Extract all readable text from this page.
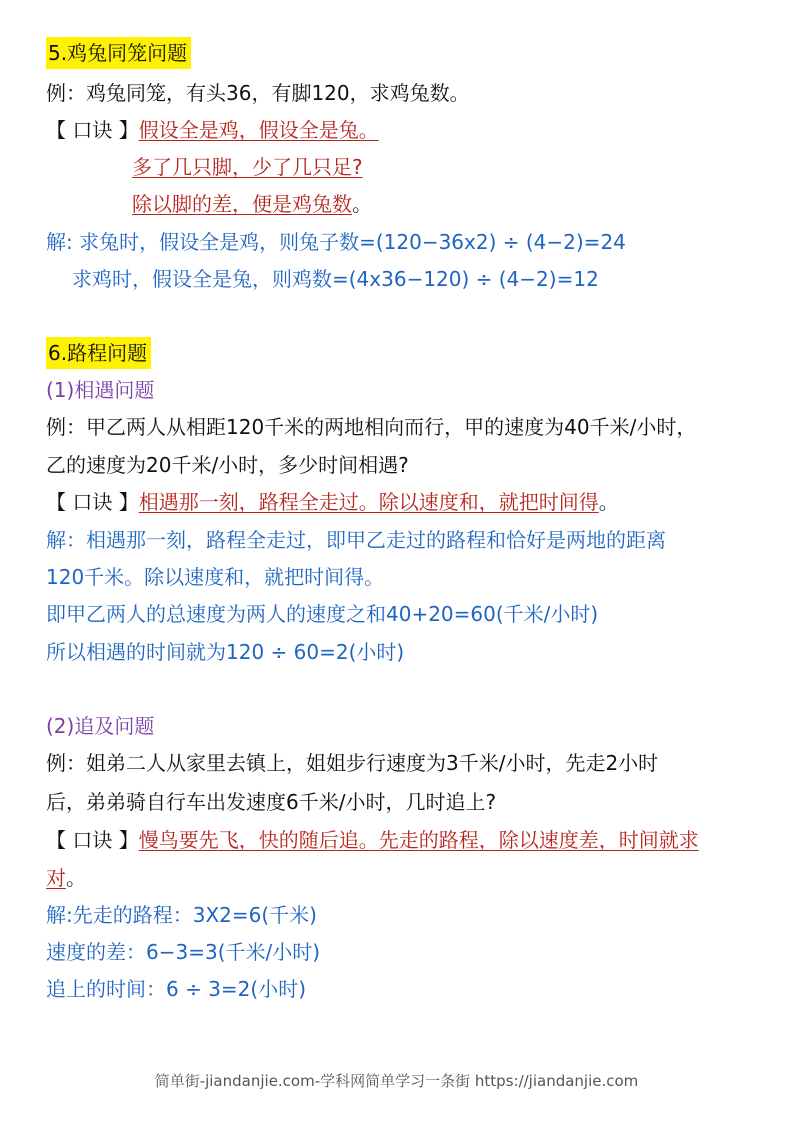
5.鸡兔同笼问题
例：鸡兔同笼，有头36，有脚120，求鸡兔数。
【 口诀 】假设全是鸡，假设全是兔。
多了几只脚，少了几只足?
除以脚的差，便是鸡兔数。
解: 求兔时，假设全是鸡，则兔子数=(120−36x2) ÷ (4−2)=24
求鸡时，假设全是兔，则鸡数=(4x36−120) ÷ (4−2)=12
6.路程问题
(1)相遇问题
例：甲乙两人从相距120千米的两地相向而行，甲的速度为40千米/小时，
乙的速度为20千米/小时，多少时间相遇?
【 口诀 】相遇那一刻，路程全走过。除以速度和，就把时间得。
解：相遇那一刻，路程全走过，即甲乙走过的路程和恰好是两地的距离
120千米。除以速度和，就把时间得。
即甲乙两人的总速度为两人的速度之和40+20=60(千米/小时)
所以相遇的时间就为120 ÷ 60=2(小时)
(2)追及问题
例：姐弟二人从家里去镇上，姐姐步行速度为3千米/小时，先走2小时
后，弟弟骑自行车出发速度6千米/小时，几时追上?
【 口诀 】慢鸟要先飞，快的随后追。先走的路程，除以速度差，时间就求
对。
解:先走的路程：3X2=6(千米)
速度的差：6−3=3(千米/小时)
追上的时间：6 ÷ 3=2(小时)
简单街-jiandanjie.com-学科网简单学习一条街 https://jiandanjie.com
